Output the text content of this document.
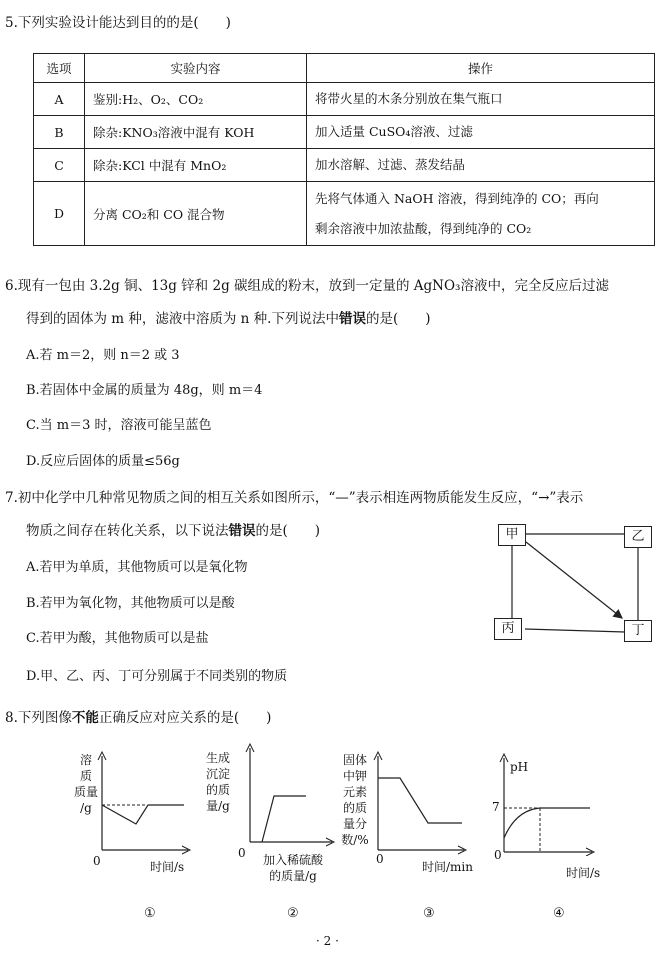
5.下列实验设计能达到目的的是(　　)
选项	实验内容	操作
A	鉴别:H₂、O₂、CO₂	将带火星的木条分别放在集气瓶口
B	除杂:KNO₃溶液中混有 KOH	加入适量 CuSO₄溶液、过滤
C	除杂:KCl 中混有 MnO₂	加水溶解、过滤、蒸发结晶
D	分离 CO₂和 CO 混合物	先将气体通入 NaOH 溶液，得到纯净的 CO；再向
剩余溶液中加浓盐酸，得到纯净的 CO₂
6.现有一包由 3.2g 铜、13g 锌和 2g 碳组成的粉末，放到一定量的 AgNO₃溶液中，完全反应后过滤
得到的固体为 m 种，滤液中溶质为 n 种.下列说法中错误的是(　　)
A.若 m＝2，则 n＝2 或 3
B.若固体中金属的质量为 48g，则 m＝4
C.当 m＝3 时，溶液可能呈蓝色
D.反应后固体的质量≤56g
7.初中化学中几种常见物质之间的相互关系如图所示，“—”表示相连两物质能发生反应，“→”表示
物质之间存在转化关系，以下说法错误的是(　　)
A.若甲为单质，其他物质可以是氧化物
B.若甲为氧化物，其他物质可以是酸
C.若甲为酸，其他物质可以是盐
D.甲、乙、丙、丁可分别属于不同类别的物质
甲	乙
丙	丁
8.下列图像不能正确反应对应关系的是(　　)
溶
质
质量
/g
0	时间/s
生成
沉淀
的质
量/g
0	加入稀硫酸
的质量/g
固体
中钾
元素
的质
量分
数/%
0
时间/min
pH
7
0
时间/s
①	②	③	④
· 2 ·
